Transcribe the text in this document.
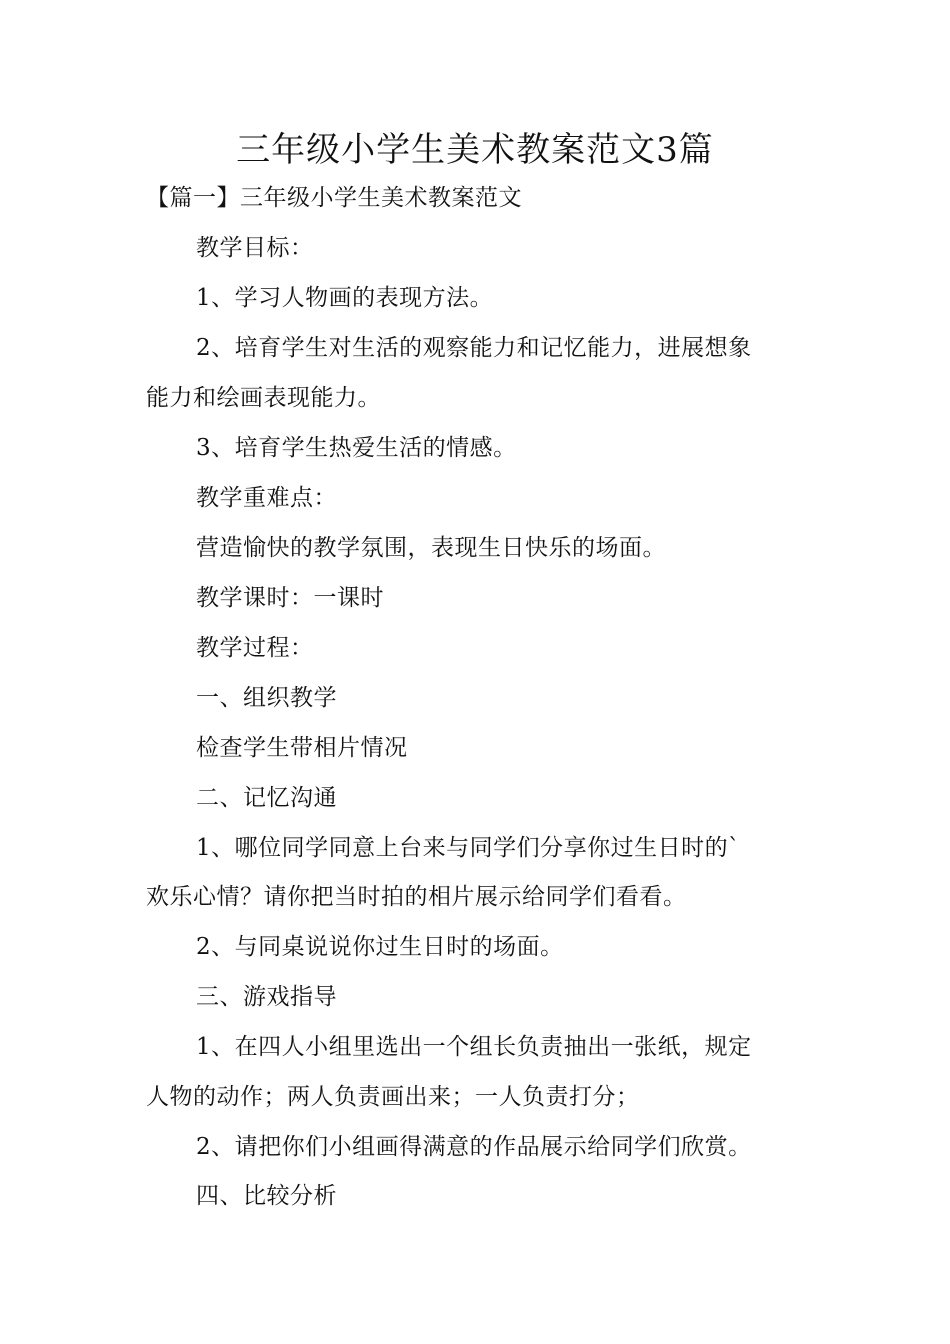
三年级小学生美术教案范文3篇
【篇一】三年级小学生美术教案范文
教学目标：
1、学习人物画的表现方法。
2、培育学生对生活的观察能力和记忆能力，进展想象
能力和绘画表现能力。
3、培育学生热爱生活的情感。
教学重难点：
营造愉快的教学氛围，表现生日快乐的场面。
教学课时：一课时
教学过程：
一、组织教学
检查学生带相片情况
二、记忆沟通
1、哪位同学同意上台来与同学们分享你过生日时的`
欢乐心情？请你把当时拍的相片展示给同学们看看。
2、与同桌说说你过生日时的场面。
三、游戏指导
1、在四人小组里选出一个组长负责抽出一张纸，规定
人物的动作；两人负责画出来；一人负责打分；
2、请把你们小组画得满意的作品展示给同学们欣赏。
四、比较分析
